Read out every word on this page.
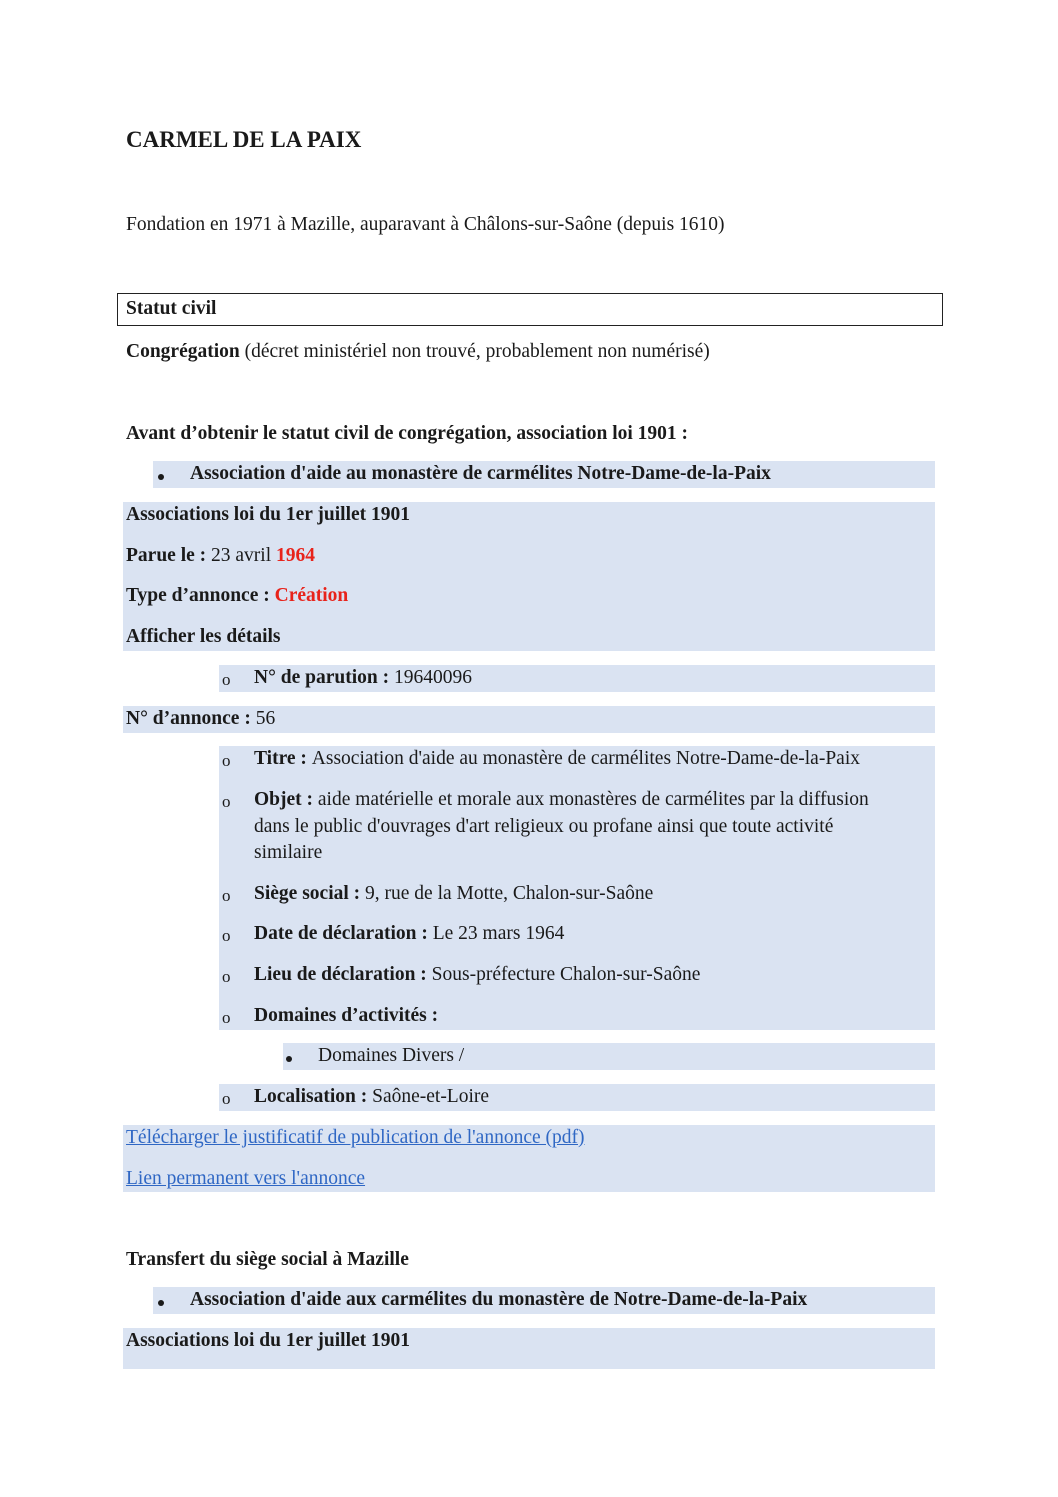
CARMEL DE LA PAIX
Fondation en 1971 à Mazille, auparavant à Châlons-sur-Saône (depuis 1610)
Statut civil
Congrégation (décret ministériel non trouvé, probablement non numérisé)
Avant d’obtenir le statut civil de congrégation, association loi 1901 :
Association d'aide au monastère de carmélites Notre-Dame-de-la-Paix
Associations loi du 1er juillet 1901
Parue le : 23 avril 1964
Type d’annonce : Création
Afficher les détails
o N° de parution : 19640096
N° d’annonce : 56
o Titre : Association d'aide au monastère de carmélites Notre-Dame-de-la-Paix
o Objet : aide matérielle et morale aux monastères de carmélites par la diffusion
dans le public d'ouvrages d'art religieux ou profane ainsi que toute activité
similaire
o Siège social : 9, rue de la Motte, Chalon-sur-Saône
o Date de déclaration : Le 23 mars 1964
o Lieu de déclaration : Sous-préfecture Chalon-sur-Saône
o Domaines d’activités :
Domaines Divers /
o Localisation : Saône-et-Loire
Télécharger le justificatif de publication de l'annonce (pdf)
Lien permanent vers l'annonce
Transfert du siège social à Mazille
Association d'aide aux carmélites du monastère de Notre-Dame-de-la-Paix
Associations loi du 1er juillet 1901
